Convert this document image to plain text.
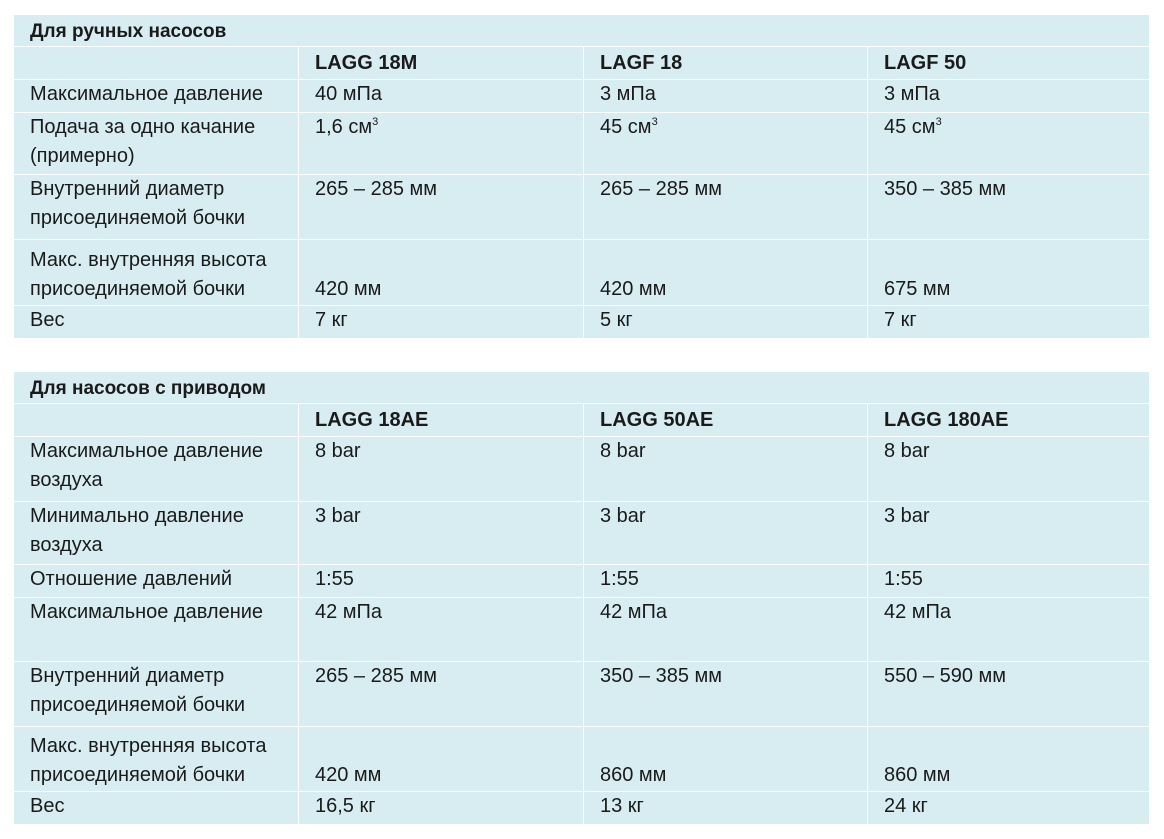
Для ручных насосов			
	LAGG 18M	LAGF 18	LAGF 50
Максимальное давление	40 мПа	3 мПа	3 мПа
Подача за одно качание (примерно)	1,6 $см^3$	45 $см^3$	45 $см^3$
Внутренний диаметр присоединяемой бочки	265 – 285 мм	265 – 285 мм	350 – 385 мм
Макс. внутренняя высота присоединяемой бочки	420 мм	420 мм	675 мм
Вес	7 кг	5 кг	7 кг
Для насосов с приводом			
	LAGG 18AE	LAGG 50AE	LAGG 180AE
Максимальное давление воздуха	8 bar	8 bar	8 bar
Минимально давление воздуха	3 bar	3 bar	3 bar
Отношение давлений	1:55	1:55	1:55
Максимальное давление	42 мПа	42 мПа	42 мПа
Внутренний диаметр присоединяемой бочки	265 – 285 мм	350 – 385 мм	550 – 590 мм
Макс. внутренняя высота присоединяемой бочки	420 мм	860 мм	860 мм
Вес	16,5 кг	13 кг	24 кг
